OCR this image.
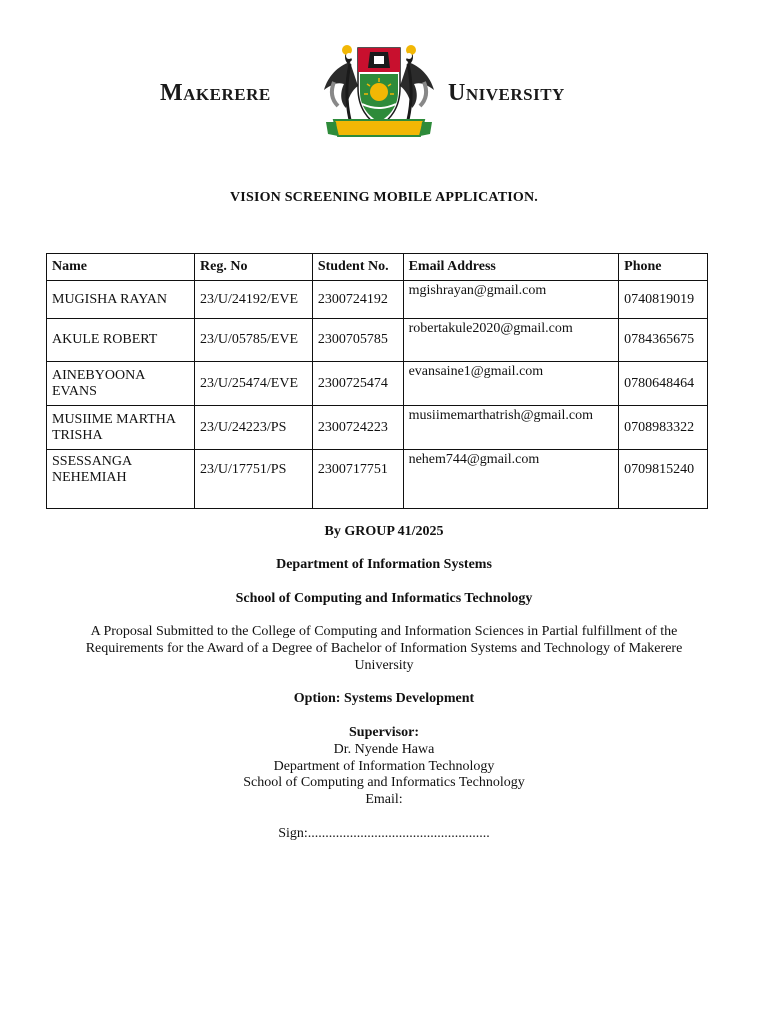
Makerere	University
VISION SCREENING MOBILE APPLICATION.
Name	Reg. No	Student No.	Email Address	Phone
MUGISHA RAYAN	23/U/24192/EVE	2300724192	mgishrayan@gmail.com	0740819019
AKULE ROBERT	23/U/05785/EVE	2300705785	robertakule2020@gmail.com	0784365675
AINEBYOONA EVANS	23/U/25474/EVE	2300725474	evansaine1@gmail.com	0780648464
MUSIIME MARTHA TRISHA	23/U/24223/PS	2300724223	musiimemarthatrish@gmail.com	0708983322
SSESSANGA NEHEMIAH	23/U/17751/PS	2300717751	nehem744@gmail.com	0709815240
By GROUP 41/2025
Department of Information Systems
School of Computing and Informatics Technology
A Proposal Submitted to the College of Computing and Information Sciences in Partial fulfillment of the Requirements for the Award of a Degree of Bachelor of Information Systems and Technology of Makerere University
Option: Systems Development
Supervisor:
Dr. Nyende Hawa
Department of Information Technology
School of Computing and Informatics Technology
Email:
Sign:....................................................
